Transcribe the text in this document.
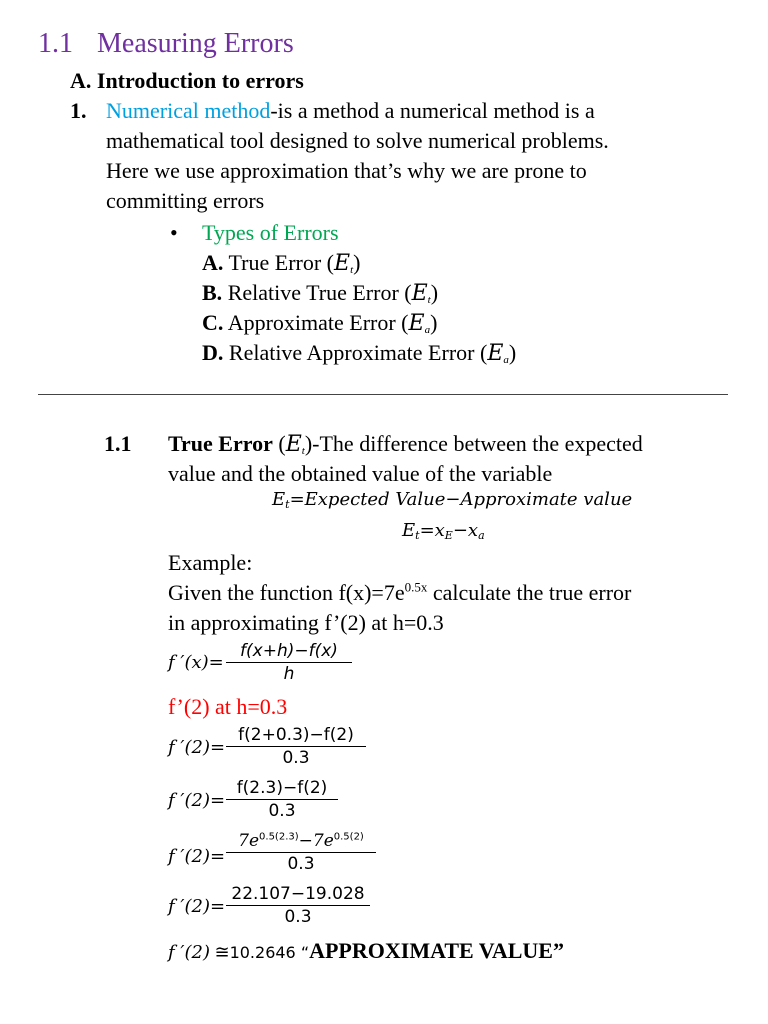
1.1 Measuring Errors
A. Introduction to errors
1. Numerical method-is a method a numerical method is a
mathematical tool designed to solve numerical problems.
Here we use approximation that’s why we are prone to
committing errors
• Types of Errors
A. True Error (Et)
B. Relative True Error (Et)
C. Approximate Error (Ea)
D. Relative Approximate Error (Ea)
1.1 True Error (Et)-The difference between the expected
value and the obtained value of the variable
Et=Expected Value−Approximate value
Et=xE−xa
Example:
Given the function $f(x)=7e^{0.5x}$ calculate the true error
in approximating f’(2) at h=0.3
f ′(x)=
f(x+h)−f(x)
h
f’(2) at h=0.3
f ′(2)=
f(2+0.3)−f(2)
0.3
f ′(2)=
f(2.3)−f(2)
0.3
f ′(2)=
$7e^{0.5(2.3)}-7e^{0.5(2)}$
0.3
f ′(2)=
22.107−19.028
0.3
f ′(2) ≅10.2646 “APPROXIMATE VALUE”
